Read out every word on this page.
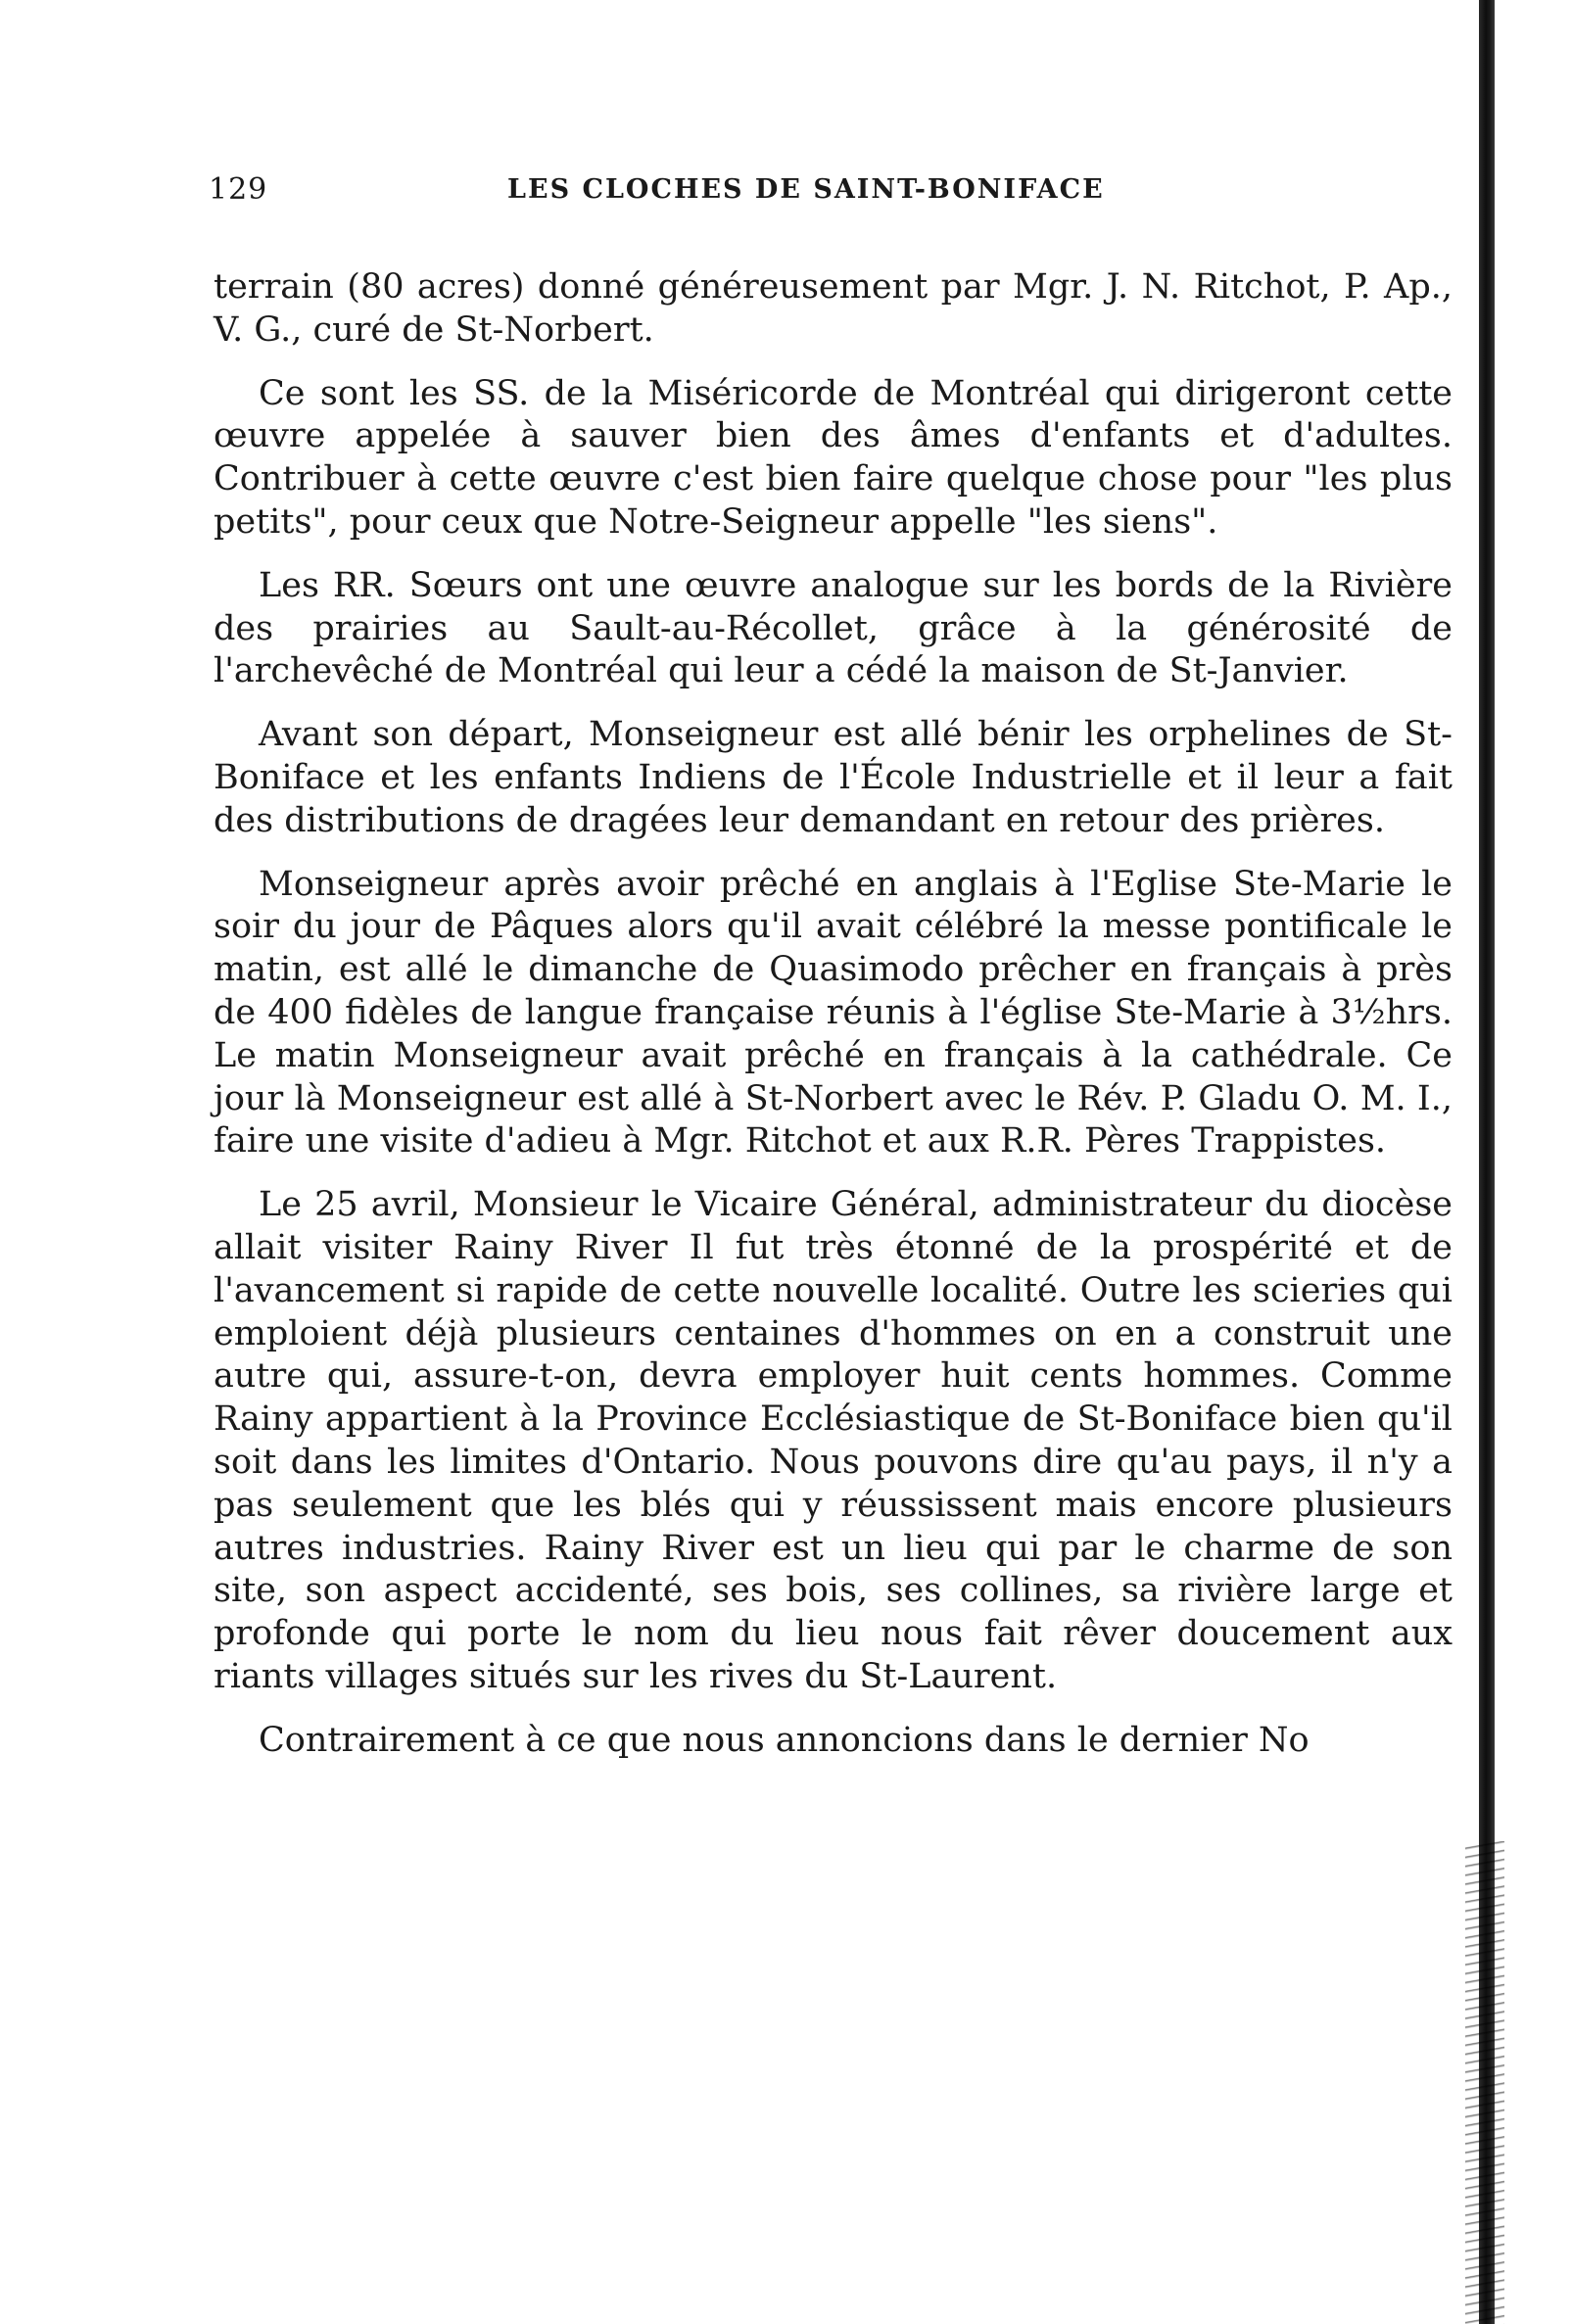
129	LES CLOCHES DE SAINT-BONIFACE

terrain (80 acres) donné généreusement par Mgr. J. N. Ritchot, P. Ap., V. G., curé de St-Norbert.

Ce sont les SS. de la Miséricorde de Montréal qui dirigeront cette œuvre appelée à sauver bien des âmes d'enfants et d'adultes. Contribuer à cette œuvre c'est bien faire quelque chose pour "les plus petits", pour ceux que Notre-Seigneur appelle "les siens".

Les RR. Sœurs ont une œuvre analogue sur les bords de la Rivière des prairies au Sault-au-Récollet, grâce à la générosité de l'archevêché de Montréal qui leur a cédé la maison de St-Janvier.

Avant son départ, Monseigneur est allé bénir les orphelines de St-Boniface et les enfants Indiens de l'École Industrielle et il leur a fait des distributions de dragées leur demandant en retour des prières.

Monseigneur après avoir prêché en anglais à l'Eglise Ste-Marie le soir du jour de Pâques alors qu'il avait célébré la messe pontificale le matin, est allé le dimanche de Quasimodo prêcher en français à près de 400 fidèles de langue française réunis à l'église Ste-Marie à 3½hrs. Le matin Monseigneur avait prêché en français à la cathédrale. Ce jour là Monseigneur est allé à St-Norbert avec le Rév. P. Gladu O. M. I., faire une visite d'adieu à Mgr. Ritchot et aux R.R. Pères Trappistes.

Le 25 avril, Monsieur le Vicaire Général, administrateur du diocèse allait visiter Rainy River Il fut très étonné de la prospérité et de l'avancement si rapide de cette nouvelle localité. Outre les scieries qui emploient déjà plusieurs centaines d'hommes on en a construit une autre qui, assure-t-on, devra employer huit cents hommes. Comme Rainy appartient à la Province Ecclésiastique de St-Boniface bien qu'il soit dans les limites d'Ontario. Nous pouvons dire qu'au pays, il n'y a pas seulement que les blés qui y réussissent mais encore plusieurs autres industries. Rainy River est un lieu qui par le charme de son site, son aspect accidenté, ses bois, ses collines, sa rivière large et profonde qui porte le nom du lieu nous fait rêver doucement aux riants villages situés sur les rives du St-Laurent.

Contrairement à ce que nous annoncions dans le dernier No
